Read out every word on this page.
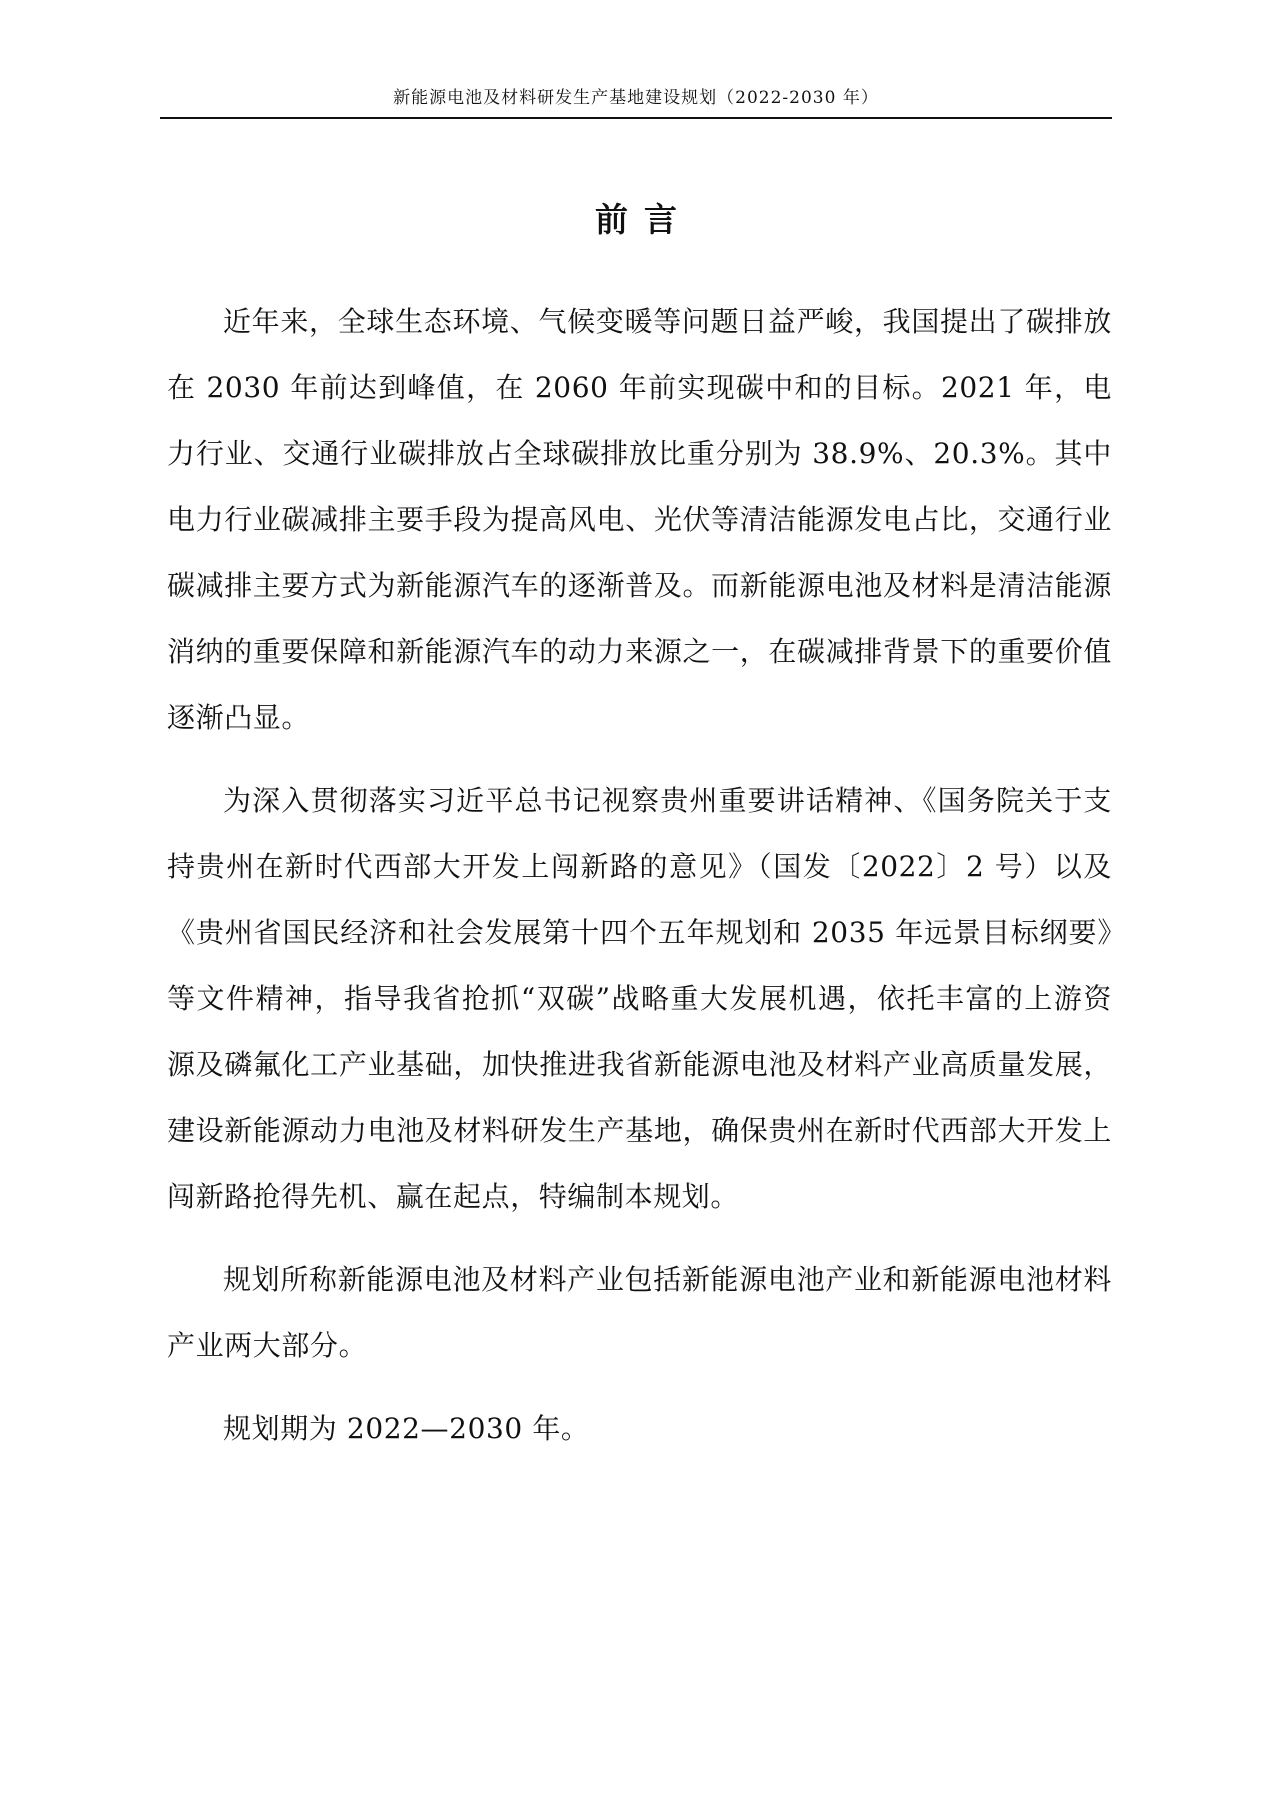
新能源电池及材料研发生产基地建设规划（2022-2030 年）
前言

近年来，全球生态环境、气候变暖等问题日益严峻，我国提出了碳排放在 2030 年前达到峰值，在 2060 年前实现碳中和的目标。2021 年，电力行业、交通行业碳排放占全球碳排放比重分别为 38.9%、20.3%。其中电力行业碳减排主要手段为提高风电、光伏等清洁能源发电占比，交通行业碳减排主要方式为新能源汽车的逐渐普及。而新能源电池及材料是清洁能源消纳的重要保障和新能源汽车的动力来源之一，在碳减排背景下的重要价值逐渐凸显。

为深入贯彻落实习近平总书记视察贵州重要讲话精神、《国务院关于支持贵州在新时代西部大开发上闯新路的意见》（国发〔2022〕2 号）以及《贵州省国民经济和社会发展第十四个五年规划和 2035 年远景目标纲要》等文件精神，指导我省抢抓“双碳”战略重大发展机遇，依托丰富的上游资源及磷氟化工产业基础，加快推进我省新能源电池及材料产业高质量发展，建设新能源动力电池及材料研发生产基地，确保贵州在新时代西部大开发上闯新路抢得先机、赢在起点，特编制本规划。

规划所称新能源电池及材料产业包括新能源电池产业和新能源电池材料产业两大部分。

规划期为 2022—2030 年。
